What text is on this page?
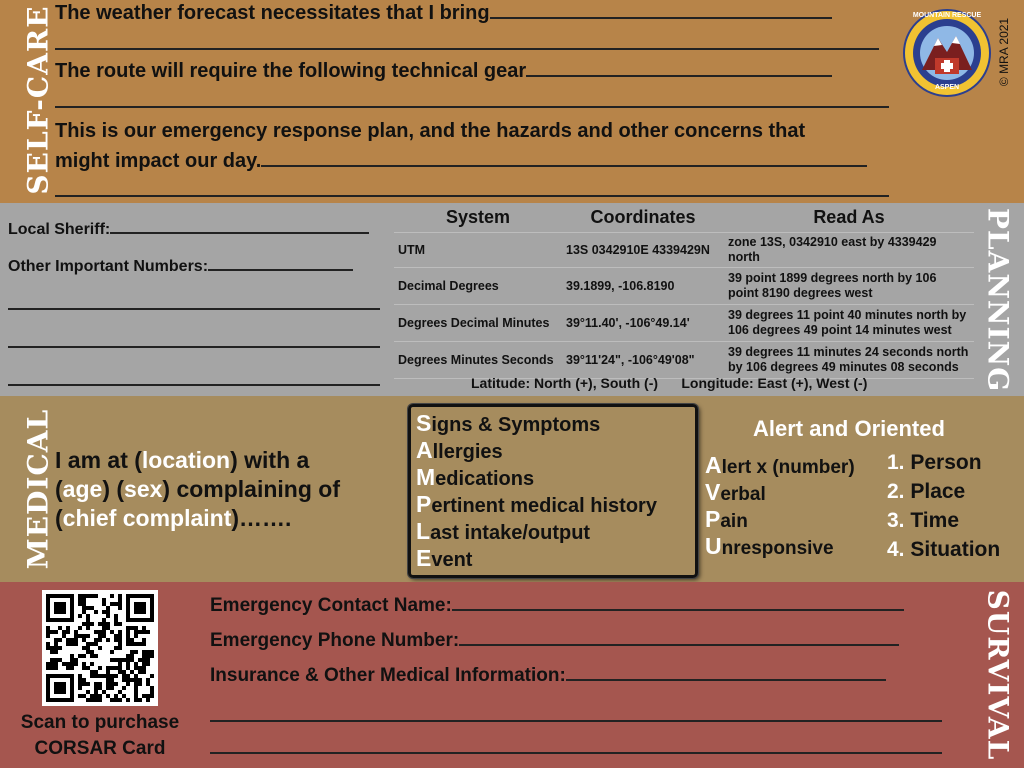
SELF-CARE The weather forecast necessitates that I bring
The route will require the following technical gear
This is our emergency response plan, and the hazards and other concerns that
might impact our day.
MOUNTAIN RESCUE
ASPEN
© MRA 2021
PLANNING
Local Sheriff:
Other Important Numbers:
System	Coordinates	Read As
UTM	13S 0342910E 4339429N	zone 13S, 0342910 east by 4339429 north
Decimal Degrees	39.1899, -106.8190	39 point 1899 degrees north by 106 point 8190 degrees west
Degrees Decimal Minutes	39°11.40', -106°49.14'	39 degrees 11 point 40 minutes north by 106 degrees 49 point 14 minutes west
Degrees Minutes Seconds	39°11'24", -106°49'08"	39 degrees 11 minutes 24 seconds north by 106 degrees 49 minutes 08 seconds
Latitude: North (+), South (-)      Longitude: East (+), West (-)
MEDICAL I am at (location) with a
(age) (sex) complaining of
(chief complaint)…….
Signs & Symptoms
Allergies
Medications
Pertinent medical history
Last intake/output
Event
Alert and Oriented
Alert x (number)
Verbal
Pain
Unresponsive
1. Person
2. Place
3. Time
4. Situation
SURVIVAL
Scan to purchase
CORSAR Card
Emergency Contact Name:
Emergency Phone Number:
Insurance & Other Medical Information:
